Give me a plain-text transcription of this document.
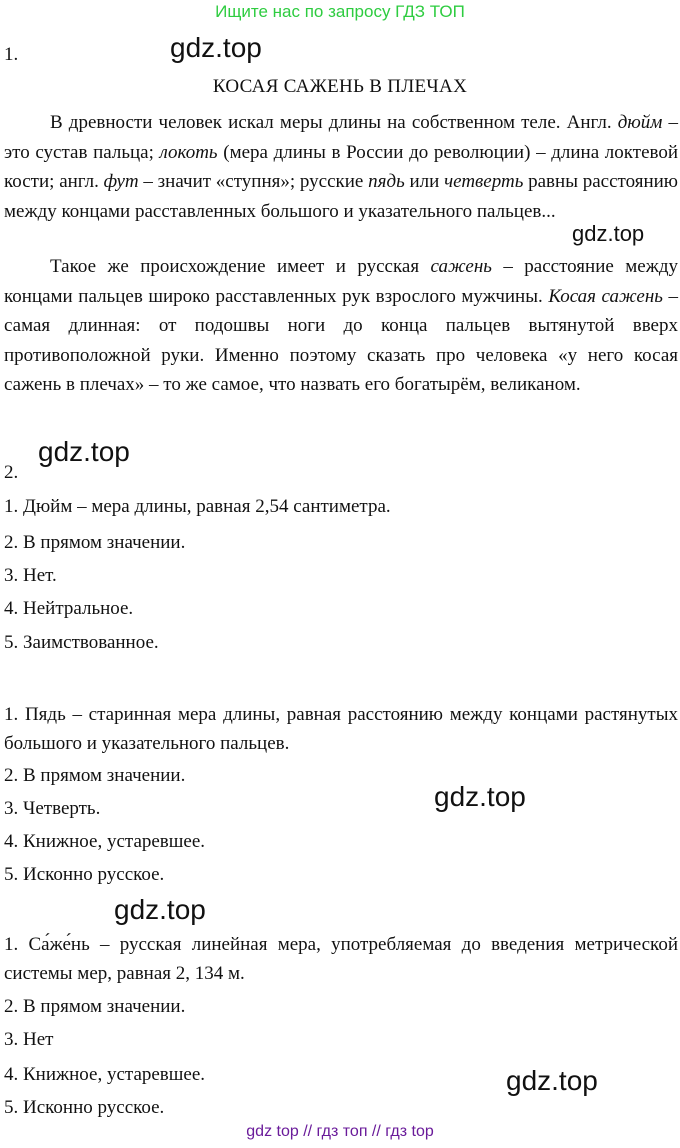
Ищите нас по запросу ГДЗ ТОП
1.	gdz.top
КОСАЯ САЖЕНЬ В ПЛЕЧАХ
В древности человек искал меры длины на собственном теле. Англ. дюйм – это сустав пальца; локоть (мера длины в России до революции) – длина локтевой кости; англ. фут – значит «ступня»; русские пядь или четверть равны расстоянию между концами расставленных большого и указательного пальцев...
gdz.top
Такое же происхождение имеет и русская сажень – расстояние между концами пальцев широко расставленных рук взрослого мужчины. Косая сажень – самая длинная: от подошвы ноги до конца пальцев вытянутой вверх противоположной руки. Именно поэтому сказать про человека «у него косая сажень в плечах» – то же самое, что назвать его богатырём, великаном.
gdz.top
2.
1. Дюйм – мера длины, равная 2,54 сантиметра.
2. В прямом значении.
3. Нет.
4. Нейтральное.
5. Заимствованное.
1. Пядь – старинная мера длины, равная расстоянию между концами растянутых большого и указательного пальцев.
2. В прямом значении.
3. Четверть.	gdz.top
4. Книжное, устаревшее.
5. Исконно русское.
gdz.top
1. Са́же́нь – русская линейная мера, употребляемая до введения метрической системы мер, равная 2, 134 м.
2. В прямом значении.
3. Нет
4. Книжное, устаревшее.	gdz.top
5. Исконно русское.
gdz top // гдз топ // гдз top
